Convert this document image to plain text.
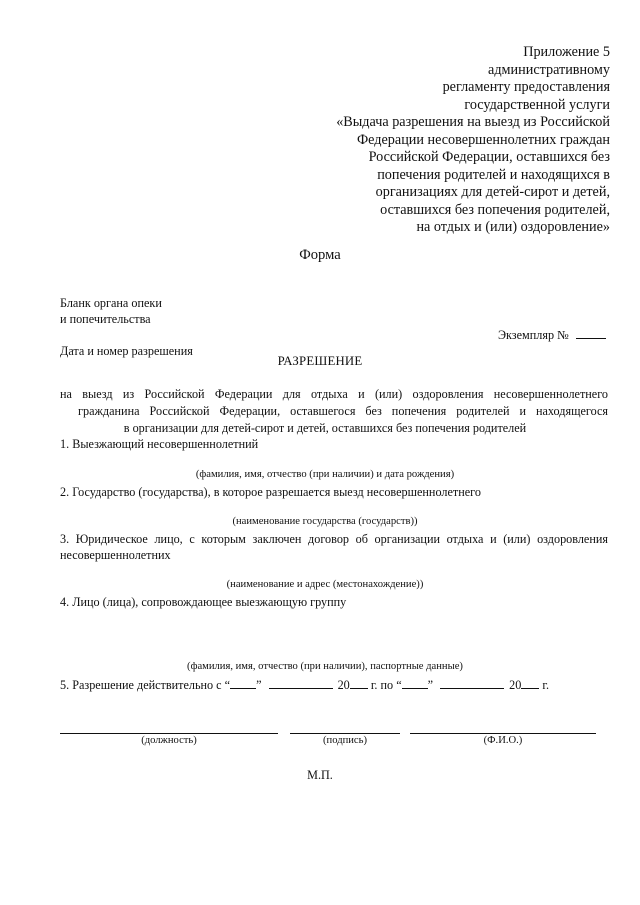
Приложение 5
административному
регламенту предоставления
государственной услуги
«Выдача разрешения на выезд из Российской
Федерации несовершеннолетних граждан
Российской Федерации, оставшихся без
попечения родителей и находящихся в
организациях для детей-сирот и детей,
оставшихся без попечения родителей,
на отдых и (или) оздоровление»
Форма
Бланк органа опеки
и попечительства
Экземпляр №
Дата и номер разрешения
РАЗРЕШЕНИЕ
на выезд из Российской Федерации для отдыха и (или) оздоровления несовершеннолетнего
гражданина Российской Федерации, оставшегося без попечения родителей и находящегося
в организации для детей-сирот и детей, оставшихся без попечения родителей
1. Выезжающий несовершеннолетний
(фамилия, имя, отчество (при наличии) и дата рождения)
2. Государство (государства), в которое разрешается выезд несовершеннолетнего
(наименование государства (государств))
3. Юридическое лицо, с которым заключен договор об организации отдыха и (или) оздоровления
несовершеннолетних
(наименование и адрес (местонахождение))
4. Лицо (лица), сопровождающее выезжающую группу
(фамилия, имя, отчество (при наличии), паспортные данные)
5. Разрешение действительно с “ ”	20 г. по “ ”	20 г.
(должность)	(подпись)	(Ф.И.О.)
М.П.
